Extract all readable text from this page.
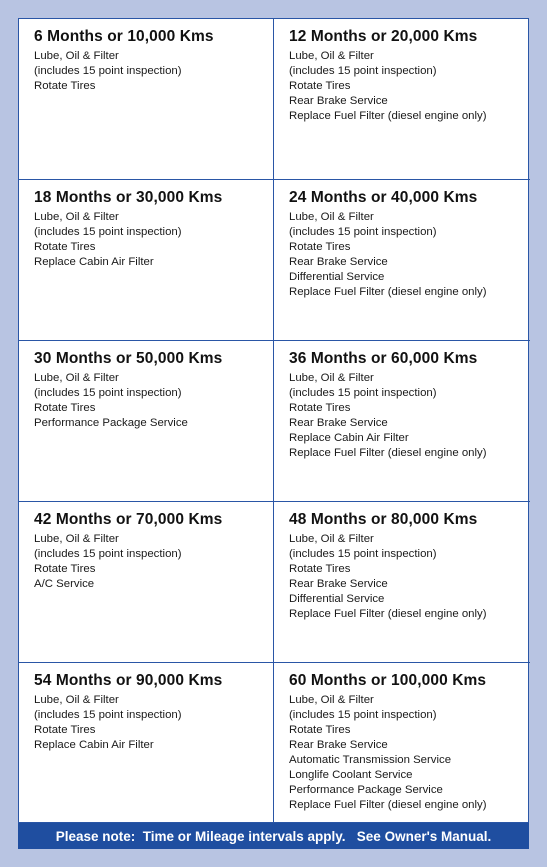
6 Months or 10,000 Kms
Lube, Oil & Filter
(includes 15 point inspection)
Rotate Tires
12 Months or 20,000 Kms
Lube, Oil & Filter
(includes 15 point inspection)
Rotate Tires
Rear Brake Service
Replace Fuel Filter (diesel engine only)
18 Months or 30,000 Kms
Lube, Oil & Filter
(includes 15 point inspection)
Rotate Tires
Replace Cabin Air Filter
24 Months or 40,000 Kms
Lube, Oil & Filter
(includes 15 point inspection)
Rotate Tires
Rear Brake Service
Differential Service
Replace Fuel Filter (diesel engine only)
30 Months or 50,000 Kms
Lube, Oil & Filter
(includes 15 point inspection)
Rotate Tires
Performance Package Service
36 Months or 60,000 Kms
Lube, Oil & Filter
(includes 15 point inspection)
Rotate Tires
Rear Brake Service
Replace Cabin Air Filter
Replace Fuel Filter (diesel engine only)
42 Months or 70,000 Kms
Lube, Oil & Filter
(includes 15 point inspection)
Rotate Tires
A/C Service
48 Months or 80,000 Kms
Lube, Oil & Filter
(includes 15 point inspection)
Rotate Tires
Rear Brake Service
Differential Service
Replace Fuel Filter (diesel engine only)
54 Months or 90,000 Kms
Lube, Oil & Filter
(includes 15 point inspection)
Rotate Tires
Replace Cabin Air Filter
60 Months or 100,000 Kms
Lube, Oil & Filter
(includes 15 point inspection)
Rotate Tires
Rear Brake Service
Automatic Transmission Service
Longlife Coolant Service
Performance Package Service
Replace Fuel Filter (diesel engine only)
Please note:  Time or Mileage intervals apply.   See Owner's Manual.
